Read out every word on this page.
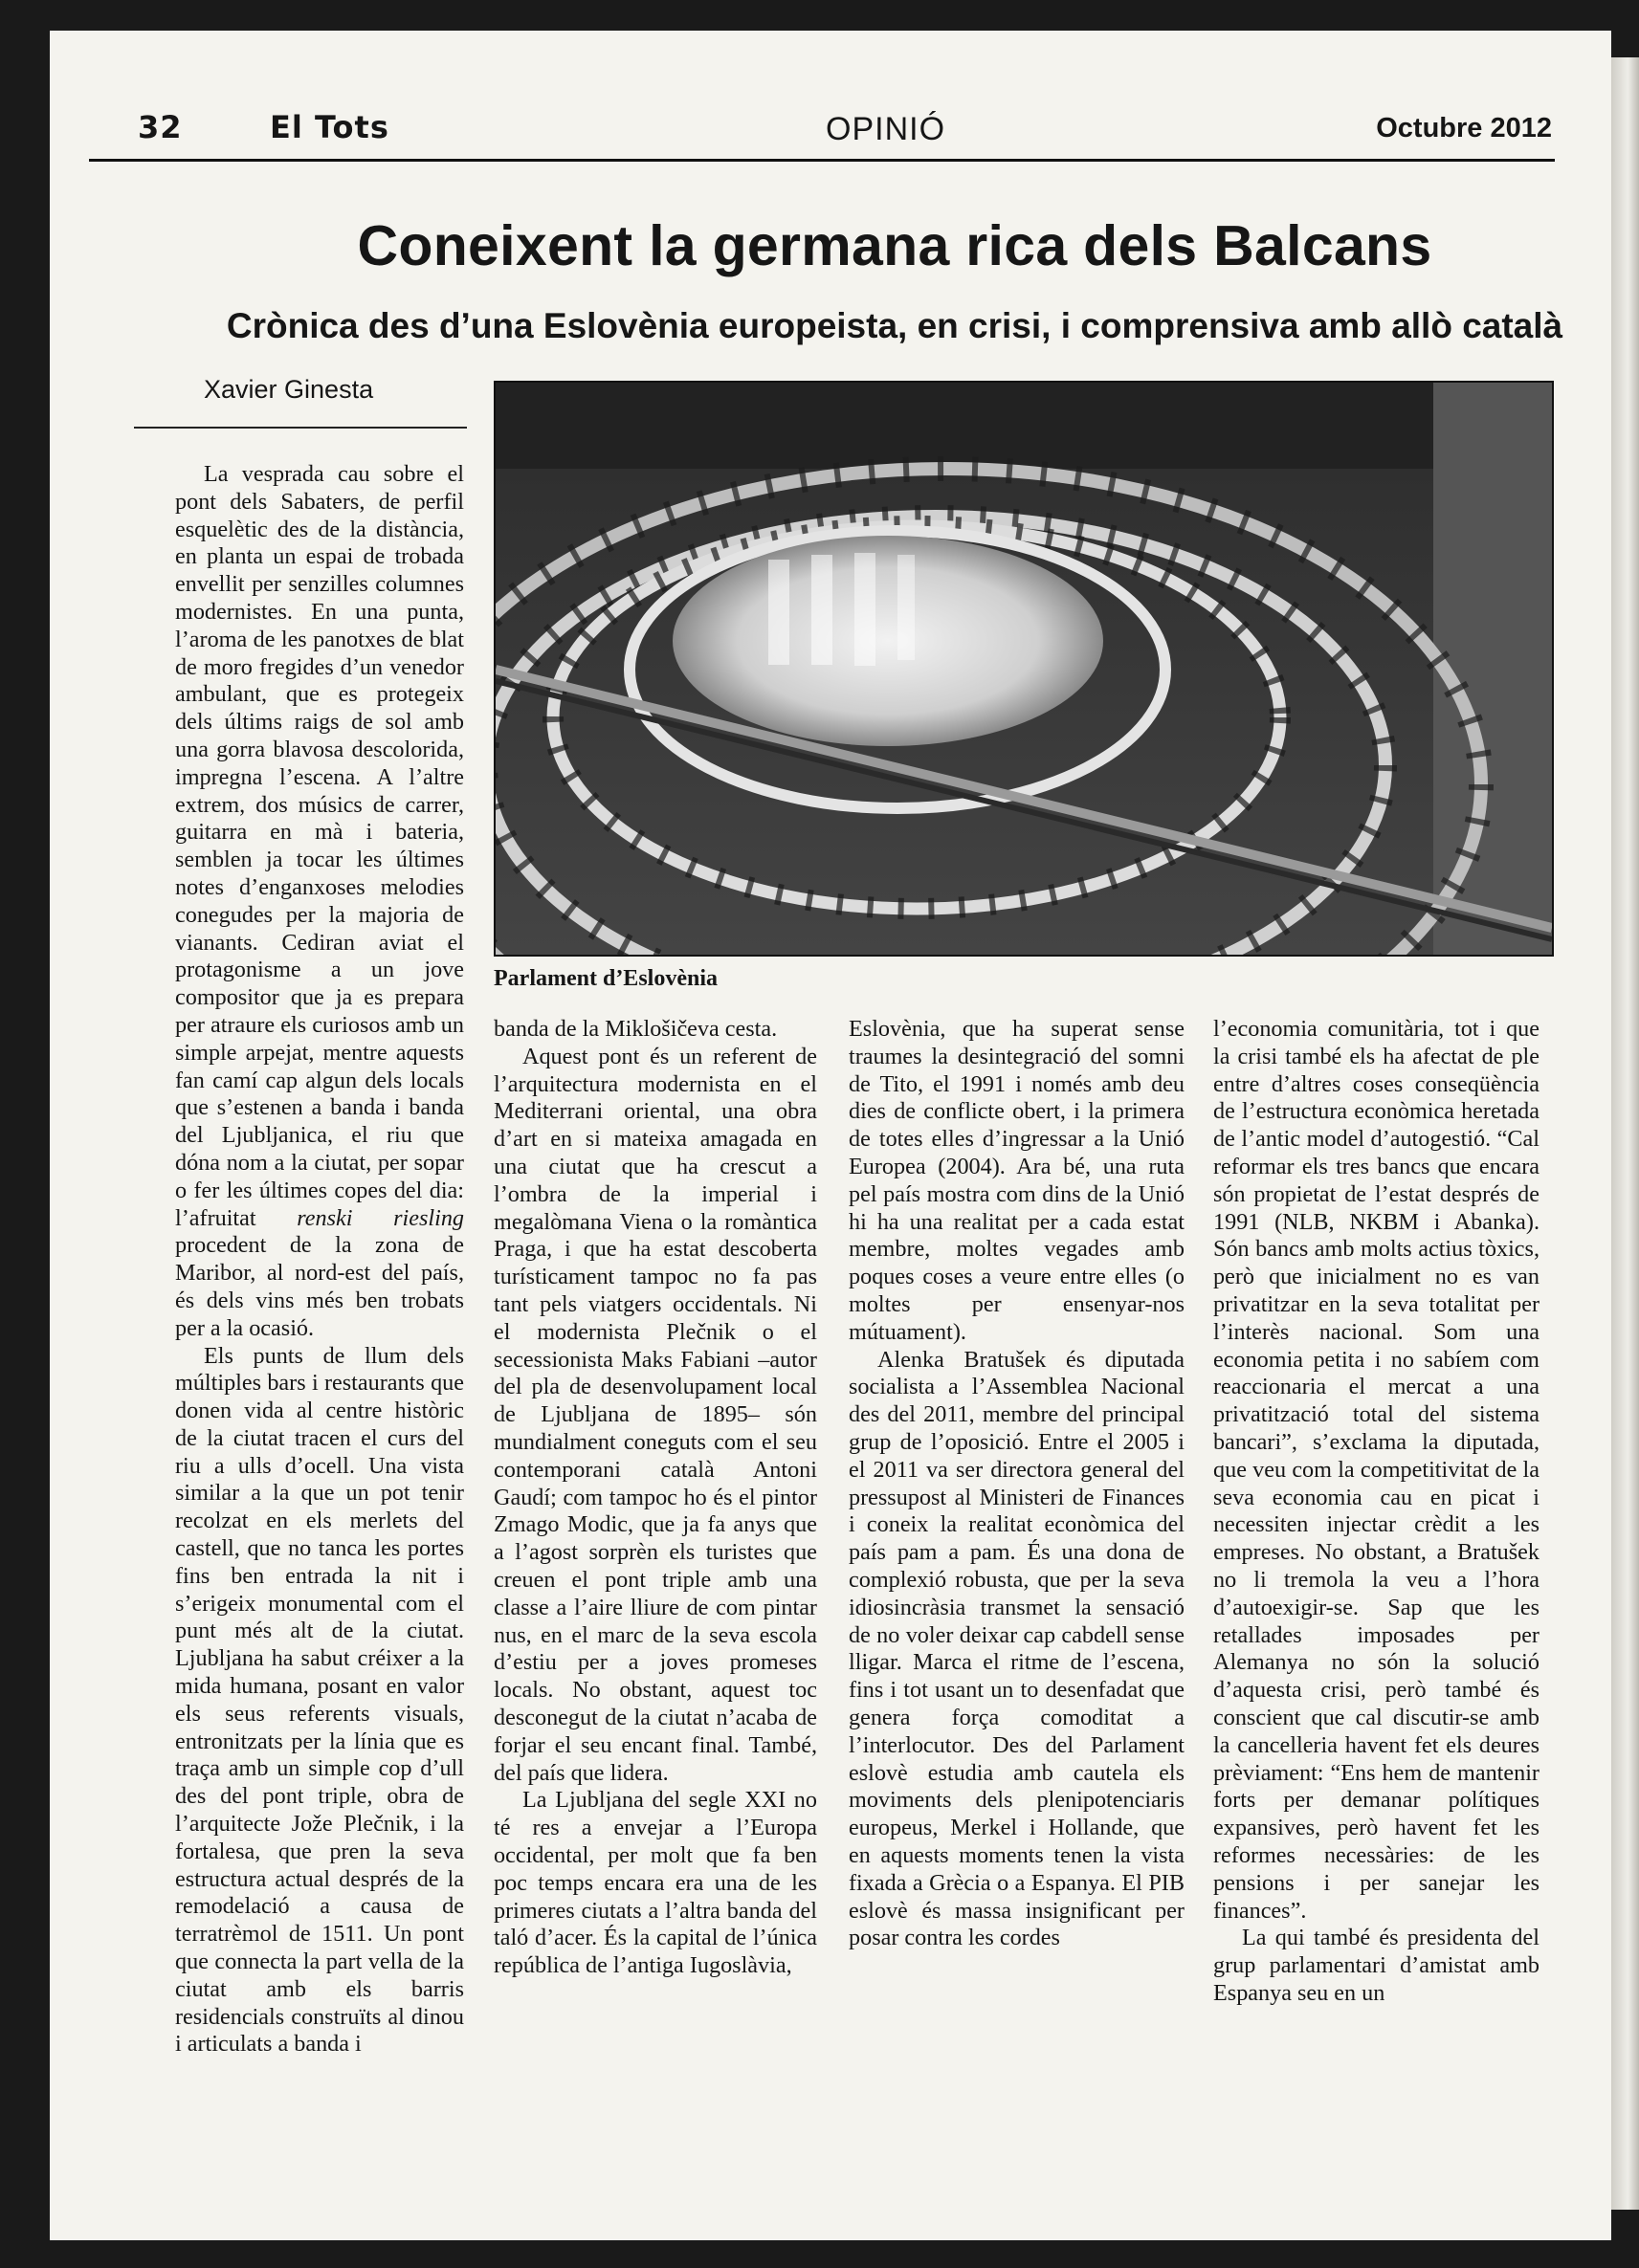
32	El Tots	OPINIÓ	Octubre 2012
Coneixent la germana rica dels Balcans
Crònica des d’una Eslovènia europeista, en crisi, i comprensiva amb allò català
Xavier Ginesta
Parlament d’Eslovènia

La vesprada cau sobre el pont dels Sabaters, de perfil esquelètic des de la distància, en planta un espai de trobada envellit per senzilles columnes modernistes. En una punta, l’aroma de les panotxes de blat de moro fregides d’un venedor ambulant, que es protegeix dels últims raigs de sol amb una gorra blavosa descolorida, impregna l’escena. A l’altre extrem, dos músics de carrer, guitarra en mà i bateria, semblen ja tocar les últimes notes d’enganxoses melodies conegudes per la majoria de vianants. Cediran aviat el protagonisme a un jove compositor que ja es prepara per atraure els curiosos amb un simple arpejat, mentre aquests fan camí cap algun dels locals que s’estenen a banda i banda del Ljubljanica, el riu que dóna nom a la ciutat, per sopar o fer les últimes copes del dia: l’afruitat renski riesling procedent de la zona de Maribor, al nord-est del país, és dels vins més ben trobats per a la ocasió.

Els punts de llum dels múltiples bars i restaurants que donen vida al centre històric de la ciutat tracen el curs del riu a ulls d’ocell. Una vista similar a la que un pot tenir recolzat en els merlets del castell, que no tanca les portes fins ben entrada la nit i s’erigeix monumental com el punt més alt de la ciutat. Ljubljana ha sabut créixer a la mida humana, posant en valor els seus referents visuals, entronitzats per la línia que es traça amb un simple cop d’ull des del pont triple, obra de l’arquitecte Jože Plečnik, i la fortalesa, que pren la seva estructura actual després de la remodelació a causa de terratrèmol de 1511. Un pont que connecta la part vella de la ciutat amb els barris residencials construïts al dinou i articulats a banda i

banda de la Miklošičeva cesta.

Aquest pont és un referent de l’arquitectura modernista en el Mediterrani oriental, una obra d’art en si mateixa amagada en una ciutat que ha crescut a l’ombra de la imperial i megalòmana Viena o la romàntica Praga, i que ha estat descoberta turísticament tampoc no fa pas tant pels viatgers occidentals. Ni el modernista Plečnik o el secessionista Maks Fabiani –autor del pla de desenvolupament local de Ljubljana de 1895– són mundialment coneguts com el seu contemporani català Antoni Gaudí; com tampoc ho és el pintor Zmago Modic, que ja fa anys que a l’agost sorprèn els turistes que creuen el pont triple amb una classe a l’aire lliure de com pintar nus, en el marc de la seva escola d’estiu per a joves promeses locals. No obstant, aquest toc desconegut de la ciutat n’acaba de forjar el seu encant final. També, del país que lidera.

La Ljubljana del segle XXI no té res a envejar a l’Europa occidental, per molt que fa ben poc temps encara era una de les primeres ciutats a l’altra banda del taló d’acer. És la capital de l’única república de l’antiga Iugoslàvia,

Eslovènia, que ha superat sense traumes la desintegració del somni de Tito, el 1991 i només amb deu dies de conflicte obert, i la primera de totes elles d’ingressar a la Unió Europea (2004). Ara bé, una ruta pel país mostra com dins de la Unió hi ha una realitat per a cada estat membre, moltes vegades amb poques coses a veure entre elles (o moltes per ensenyar-nos mútuament).

Alenka Bratušek és diputada socialista a l’Assemblea Nacional des del 2011, membre del principal grup de l’oposició. Entre el 2005 i el 2011 va ser directora general del pressupost al Ministeri de Finances i coneix la realitat econòmica del país pam a pam. És una dona de complexió robusta, que per la seva idiosincràsia transmet la sensació de no voler deixar cap cabdell sense lligar. Marca el ritme de l’escena, fins i tot usant un to desenfadat que genera força comoditat a l’interlocutor. Des del Parlament eslovè estudia amb cautela els moviments dels plenipotenciaris europeus, Merkel i Hollande, que en aquests moments tenen la vista fixada a Grècia o a Espanya. El PIB eslovè és massa insignificant per posar contra les cordes

l’economia comunitària, tot i que la crisi també els ha afectat de ple entre d’altres coses conseqüència de l’estructura econòmica heretada de l’antic model d’autogestió. “Cal reformar els tres bancs que encara són propietat de l’estat després de 1991 (NLB, NKBM i Abanka). Són bancs amb molts actius tòxics, però que inicialment no es van privatitzar en la seva totalitat per l’interès nacional. Som una economia petita i no sabíem com reaccionaria el mercat a una privatització total del sistema bancari”, s’exclama la diputada, que veu com la competitivitat de la seva economia cau en picat i necessiten injectar crèdit a les empreses. No obstant, a Bratušek no li tremola la veu a l’hora d’autoexigir-se. Sap que les retallades imposades per Alemanya no són la solució d’aquesta crisi, però també és conscient que cal discutir-se amb la cancelleria havent fet els deures prèviament: “Ens hem de mantenir forts per demanar polítiques expansives, però havent fet les reformes necessàries: de les pensions i per sanejar les finances”.

La qui també és presidenta del grup parlamentari d’amistat amb Espanya seu en un
